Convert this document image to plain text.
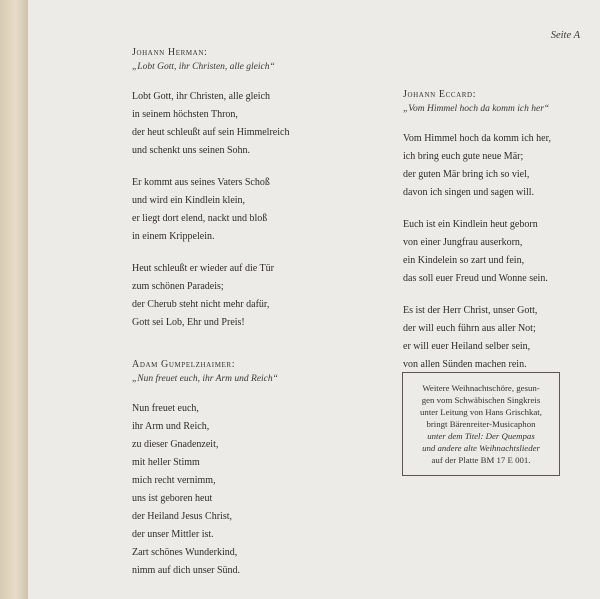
Seite A
Johann Herman:
„Lobt Gott, ihr Christen, alle gleich“
Lobt Gott, ihr Christen, alle gleich
in seinem höchsten Thron,
der heut schleußt auf sein Himmelreich
und schenkt uns seinen Sohn.
Er kommt aus seines Vaters Schoß
und wird ein Kindlein klein,
er liegt dort elend, nackt und bloß
in einem Krippelein.
Heut schleußt er wieder auf die Tür
zum schönen Paradeis;
der Cherub steht nicht mehr dafür,
Gott sei Lob, Ehr und Preis!
Adam Gumpelzhaimer:
„Nun freuet euch, ihr Arm und Reich“
Nun freuet euch,
ihr Arm und Reich,
zu dieser Gnadenzeit,
mit heller Stimm
mich recht vernimm,
uns ist geboren heut
der Heiland Jesus Christ,
der unser Mittler ist.
Zart schönes Wunderkind,
nimm auf dich unser Sünd.
Johann Eccard:
„Vom Himmel hoch da komm ich her“
Vom Himmel hoch da komm ich her,
ich bring euch gute neue Mär;
der guten Mär bring ich so viel,
davon ich singen und sagen will.
Euch ist ein Kindlein heut geborn
von einer Jungfrau auserkorn,
ein Kindelein so zart und fein,
das soll euer Freud und Wonne sein.
Es ist der Herr Christ, unser Gott,
der will euch führn aus aller Not;
er will euer Heiland selber sein,
von allen Sünden machen rein.
Weitere Weihnachtschöre, gesun-
gen vom Schwäbischen Singkreis
unter Leitung von Hans Grischkat,
bringt Bärenreiter-Musicaphon
unter dem Titel: Der Quempas
und andere alte Weihnachtslieder
auf der Platte BM 17 E 001.
